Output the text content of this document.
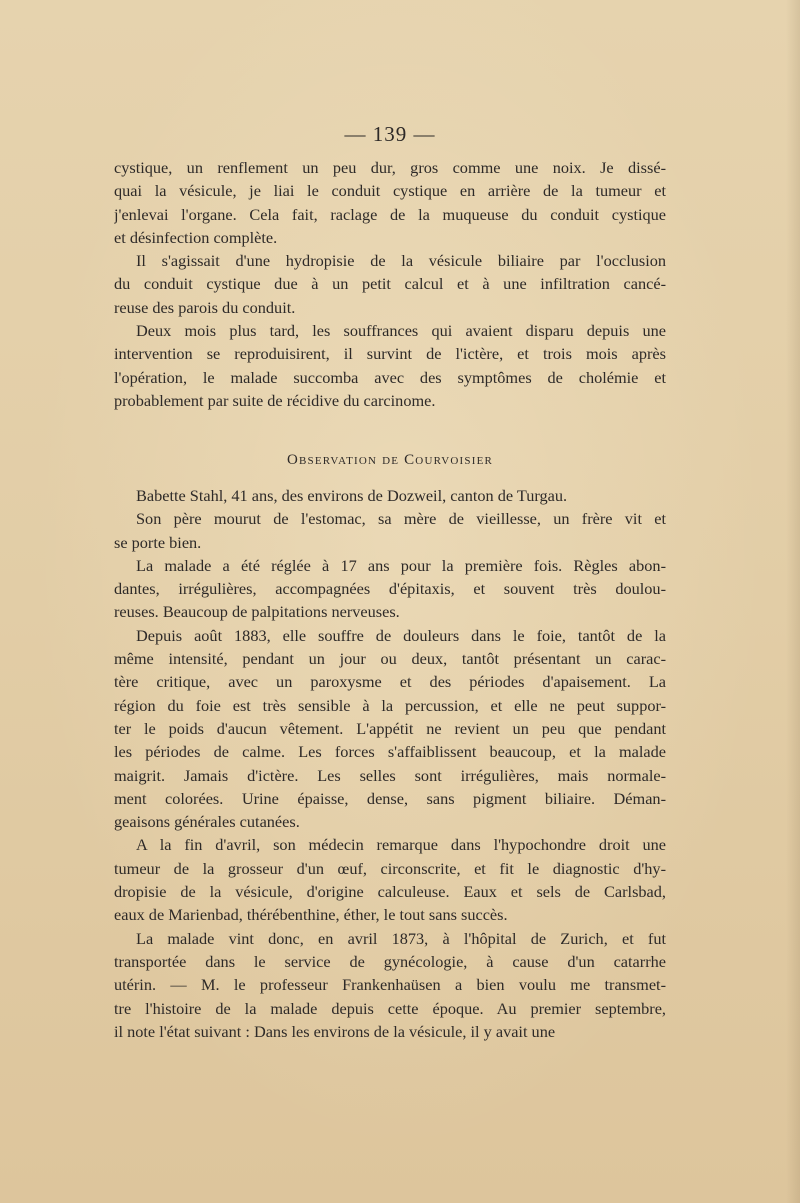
— 139 —
cystique, un renflement un peu dur, gros comme une noix. Je dissé-
quai la vésicule, je liai le conduit cystique en arrière de la tumeur et
j'enlevai l'organe. Cela fait, raclage de la muqueuse du conduit cystique
et désinfection complète.
Il s'agissait d'une hydropisie de la vésicule biliaire par l'occlusion
du conduit cystique due à un petit calcul et à une infiltration cancé-
reuse des parois du conduit.
Deux mois plus tard, les souffrances qui avaient disparu depuis une
intervention se reproduisirent, il survint de l'ictère, et trois mois après
l'opération, le malade succomba avec des symptômes de cholémie et
probablement par suite de récidive du carcinome.
Observation de Courvoisier
Babette Stahl, 41 ans, des environs de Dozweil, canton de Turgau.
Son père mourut de l'estomac, sa mère de vieillesse, un frère vit et
se porte bien.
La malade a été réglée à 17 ans pour la première fois. Règles abon-
dantes, irrégulières, accompagnées d'épitaxis, et souvent très doulou-
reuses. Beaucoup de palpitations nerveuses.
Depuis août 1883, elle souffre de douleurs dans le foie, tantôt de la
même intensité, pendant un jour ou deux, tantôt présentant un carac-
tère critique, avec un paroxysme et des périodes d'apaisement. La
région du foie est très sensible à la percussion, et elle ne peut suppor-
ter le poids d'aucun vêtement. L'appétit ne revient un peu que pendant
les périodes de calme. Les forces s'affaiblissent beaucoup, et la malade
maigrit. Jamais d'ictère. Les selles sont irrégulières, mais normale-
ment colorées. Urine épaisse, dense, sans pigment biliaire. Déman-
geaisons générales cutanées.
A la fin d'avril, son médecin remarque dans l'hypochondre droit une
tumeur de la grosseur d'un œuf, circonscrite, et fit le diagnostic d'hy-
dropisie de la vésicule, d'origine calculeuse. Eaux et sels de Carlsbad,
eaux de Marienbad, thérébenthine, éther, le tout sans succès.
La malade vint donc, en avril 1873, à l'hôpital de Zurich, et fut
transportée dans le service de gynécologie, à cause d'un catarrhe
utérin. — M. le professeur Frankenhaüsen a bien voulu me transmet-
tre l'histoire de la malade depuis cette époque. Au premier septembre,
il note l'état suivant : Dans les environs de la vésicule, il y avait une
